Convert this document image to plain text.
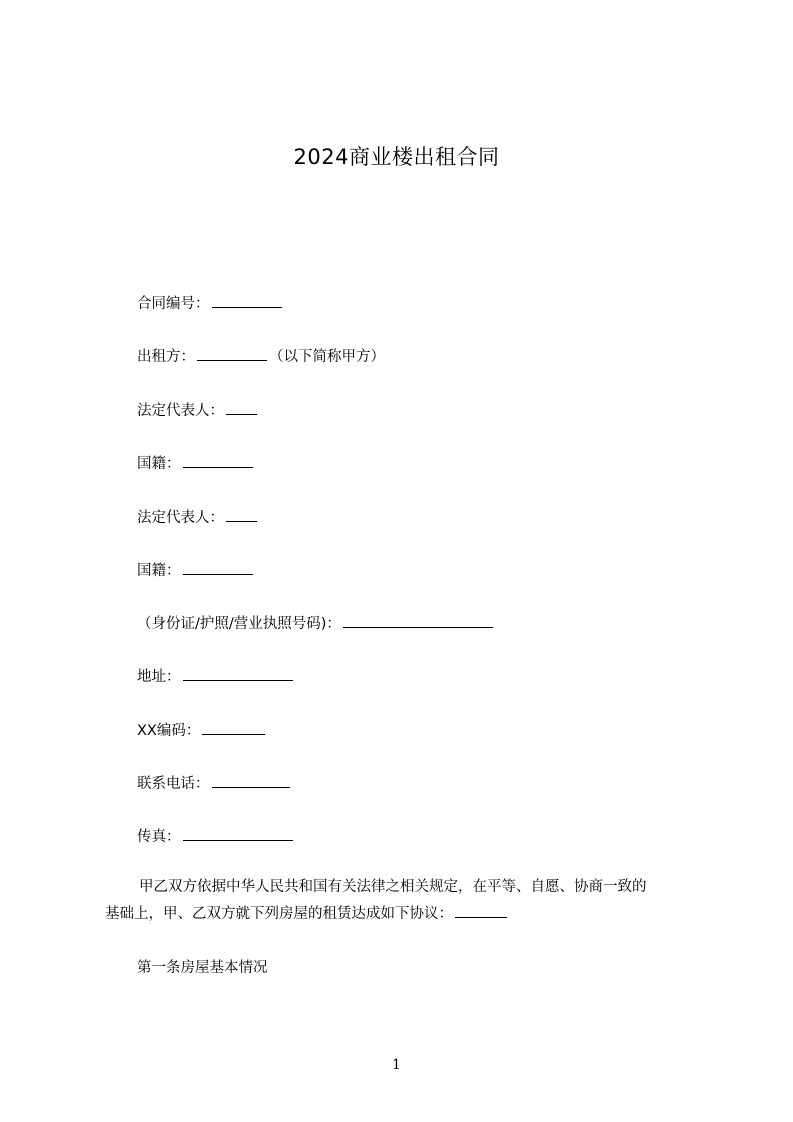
2024商业楼出租合同
合同编号：
出租方：	（以下简称甲方）
法定代表人：
国籍：
法定代表人：
国籍：
（身份证/护照/营业执照号码)：
地址：
XX编码：
联系电话：
传真：
甲乙双方依据中华人民共和国有关法律之相关规定，在平等、自愿、协商一致的
基础上，甲、乙双方就下列房屋的租赁达成如下协议：
第一条房屋基本情况
1
